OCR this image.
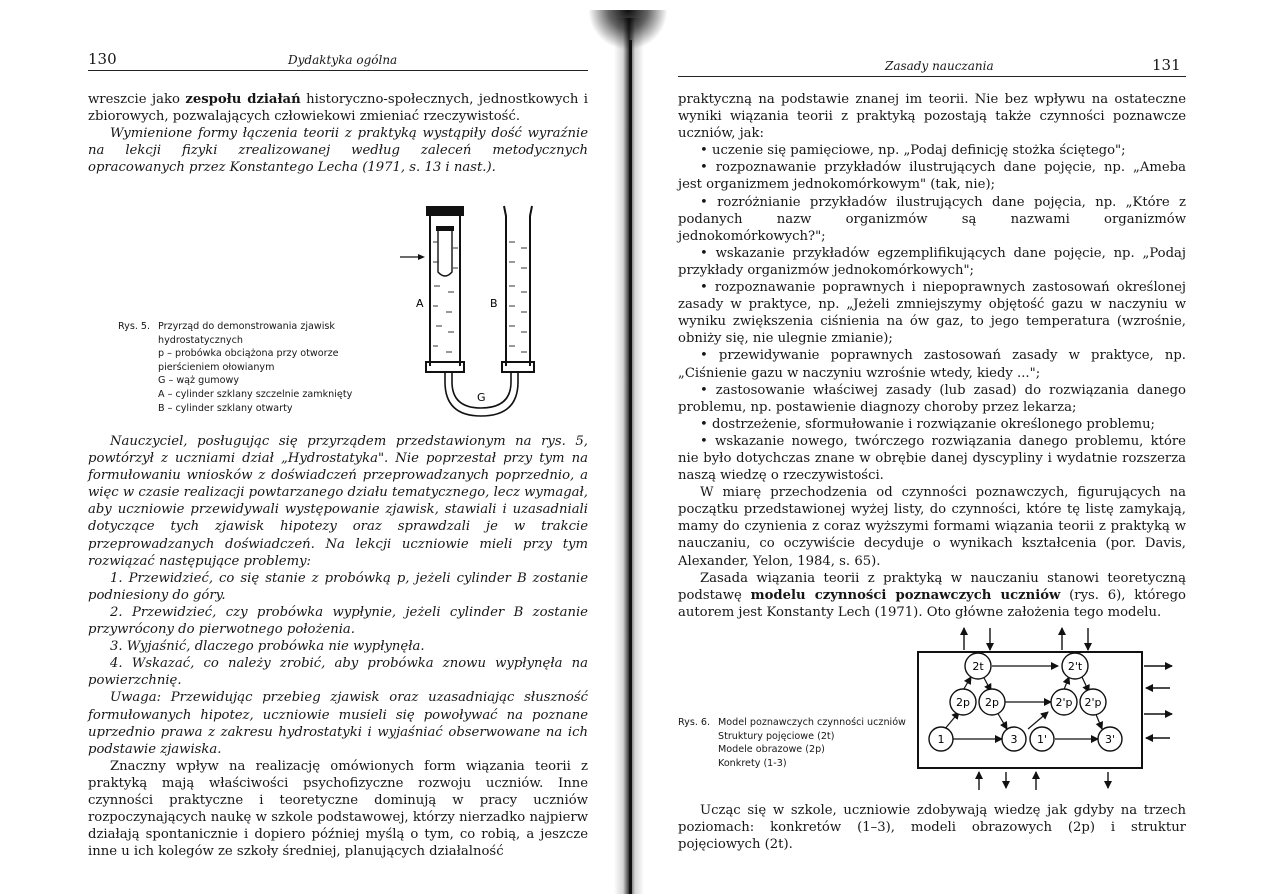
130	Dydaktyka ogólna

wreszcie jako zespołu działań historyczno-społecznych, jednostkowych i zbiorowych, pozwalających człowiekowi zmieniać rzeczywistość.

Wymienione formy łączenia teorii z praktyką wystąpiły dość wyraźnie na lekcji fizyki zrealizowanej według zaleceń metodycznych opracowanych przez Konstantego Lecha (1971, s. 13 i nast.).

A	B
G
Rys. 5. Przyrząd do demonstrowania zjawisk hydrostatycznych
p – probówka obciążona przy otworze pierścieniem ołowianym
G – wąż gumowy
A – cylinder szklany szczelnie zamknięty
B – cylinder szklany otwarty

Nauczyciel, posługując się przyrządem przedstawionym na rys. 5, powtórzył z uczniami dział „Hydrostatyka". Nie poprzestał przy tym na formułowaniu wniosków z doświadczeń przeprowadzanych poprzednio, a więc w czasie realizacji powtarzanego działu tematycznego, lecz wymagał, aby uczniowie przewidywali występowanie zjawisk, stawiali i uzasadniali dotyczące tych zjawisk hipotezy oraz sprawdzali je w trakcie przeprowadzanych doświadczeń. Na lekcji uczniowie mieli przy tym rozwiązać następujące problemy:

1. Przewidzieć, co się stanie z probówką p, jeżeli cylinder B zostanie podniesiony do góry.

2. Przewidzieć, czy probówka wypłynie, jeżeli cylinder B zostanie przywrócony do pierwotnego położenia.

3. Wyjaśnić, dlaczego probówka nie wypłynęła.

4. Wskazać, co należy zrobić, aby probówka znowu wypłynęła na powierzchnię.

Uwaga: Przewidując przebieg zjawisk oraz uzasadniając słuszność formułowanych hipotez, uczniowie musieli się powoływać na poznane uprzednio prawa z zakresu hydrostatyki i wyjaśniać obserwowane na ich podstawie zjawiska.

Znaczny wpływ na realizację omówionych form wiązania teorii z praktyką mają właściwości psychofizyczne rozwoju uczniów. Inne czynności praktyczne i teoretyczne dominują w pracy uczniów rozpoczynających naukę w szkole podstawowej, którzy nierzadko najpierw działają spontanicznie i dopiero później myślą o tym, co robią, a jeszcze inne u ich kolegów ze szkoły średniej, planujących działalność

Zasady nauczania	131

praktyczną na podstawie znanej im teorii. Nie bez wpływu na ostateczne wyniki wiązania teorii z praktyką pozostają także czynności poznawcze uczniów, jak:

• uczenie się pamięciowe, np. „Podaj definicję stożka ściętego";

• rozpoznawanie przykładów ilustrujących dane pojęcie, np. „Ameba jest organizmem jednokomórkowym" (tak, nie);

• rozróżnianie przykładów ilustrujących dane pojęcia, np. „Które z podanych nazw organizmów są nazwami organizmów jednokomórkowych?";

• wskazanie przykładów egzemplifikujących dane pojęcie, np. „Podaj przykłady organizmów jednokomórkowych";

• rozpoznawanie poprawnych i niepoprawnych zastosowań określonej zasady w praktyce, np. „Jeżeli zmniejszymy objętość gazu w naczyniu w wyniku zwiększenia ciśnienia na ów gaz, to jego temperatura (wzrośnie, obniży się, nie ulegnie zmianie);

• przewidywanie poprawnych zastosowań zasady w praktyce, np. „Ciśnienie gazu w naczyniu wzrośnie wtedy, kiedy ...";

• zastosowanie właściwej zasady (lub zasad) do rozwiązania danego problemu, np. postawienie diagnozy choroby przez lekarza;

• dostrzeżenie, sformułowanie i rozwiązanie określonego problemu;

• wskazanie nowego, twórczego rozwiązania danego problemu, które nie było dotychczas znane w obrębie danej dyscypliny i wydatnie rozszerza naszą wiedzę o rzeczywistości.

W miarę przechodzenia od czynności poznawczych, figurujących na początku przedstawionej wyżej listy, do czynności, które tę listę zamykają, mamy do czynienia z coraz wyższymi formami wiązania teorii z praktyką w nauczaniu, co oczywiście decyduje o wynikach kształcenia (por. Davis, Alexander, Yelon, 1984, s. 65).

Zasada wiązania teorii z praktyką w nauczaniu stanowi teoretyczną podstawę modelu czynności poznawczych uczniów (rys. 6), którego autorem jest Konstanty Lech (1971). Oto główne założenia tego modelu.

2t	2't
2p 2p	2'p 2'p
1	3 1'	3'
Rys. 6. Model poznawczych czynności uczniów
Struktury pojęciowe (2t)
Modele obrazowe (2p)
Konkrety (1-3)

Ucząc się w szkole, uczniowie zdobywają wiedzę jak gdyby na trzech poziomach: konkretów (1–3), modeli obrazowych (2p) i struktur pojęciowych (2t).
